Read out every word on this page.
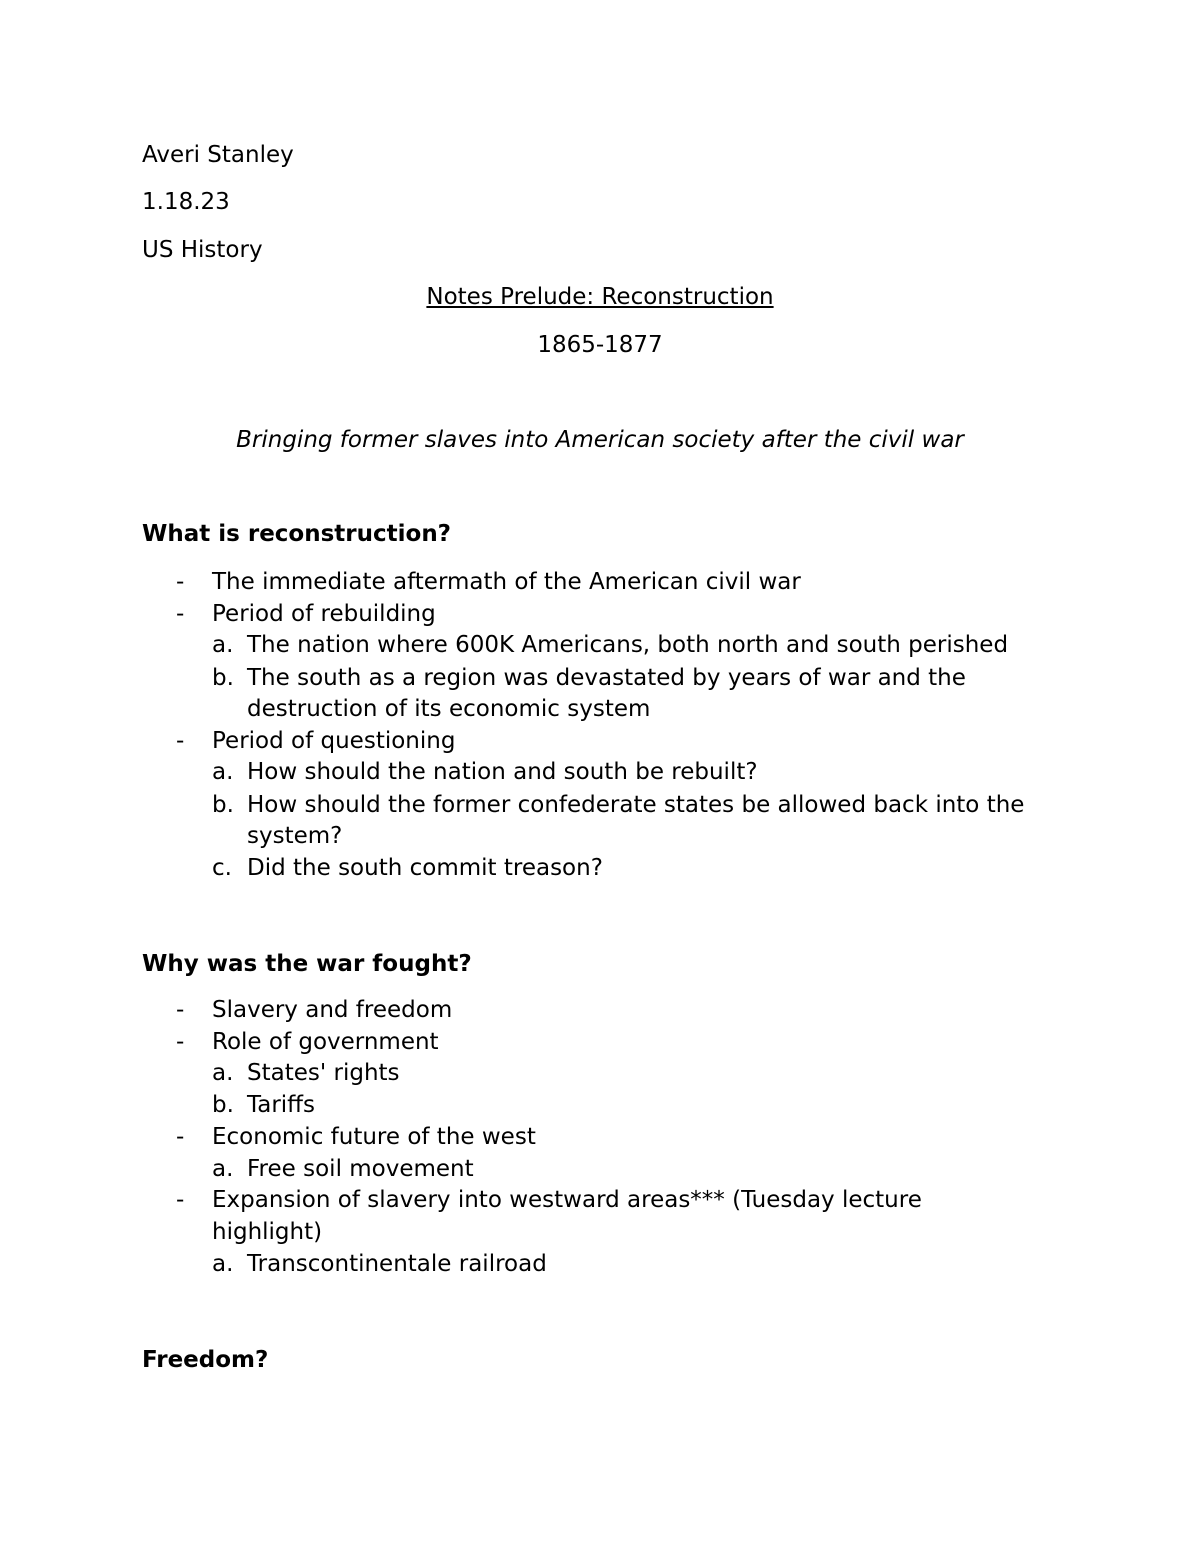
Averi Stanley
1.18.23
US History
Notes Prelude: Reconstruction
1865-1877
Bringing former slaves into American society after the civil war
What is reconstruction?
- The immediate aftermath of the American civil war
- Period of rebuilding
a. The nation where 600K Americans, both north and south perished
b. The south as a region was devastated by years of war and the
destruction of its economic system
- Period of questioning
a. How should the nation and south be rebuilt?
b. How should the former confederate states be allowed back into the
system?
c. Did the south commit treason?
Why was the war fought?
- Slavery and freedom
- Role of government
a. States' rights
b. Tariffs
- Economic future of the west
a. Free soil movement
- Expansion of slavery into westward areas*** (Tuesday lecture
highlight)
a. Transcontinentale railroad
Freedom?
